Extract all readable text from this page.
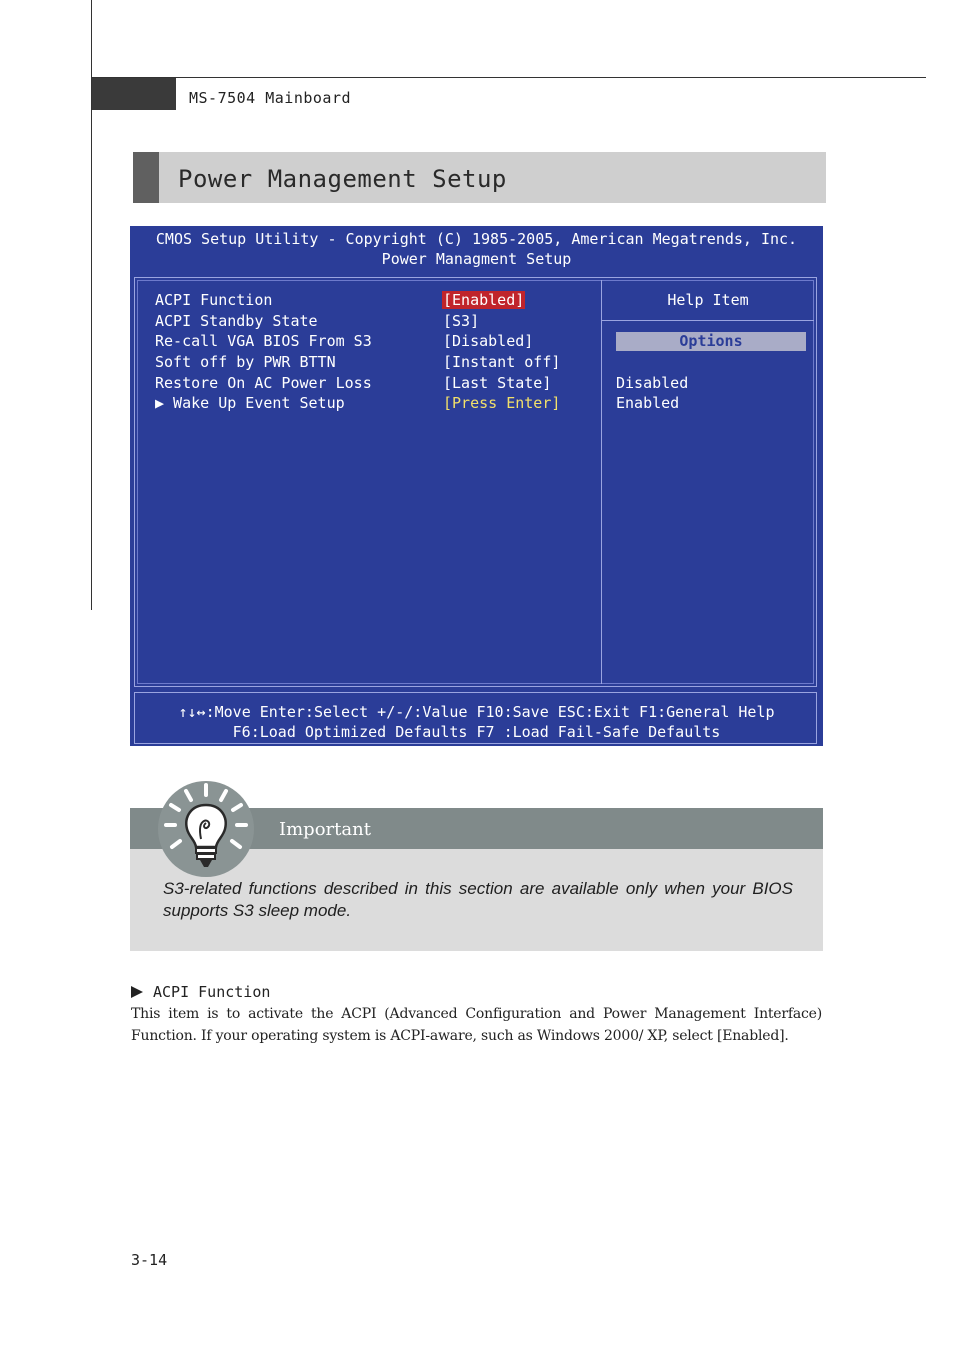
MS-7504 Mainboard
Power Management Setup
CMOS Setup Utility - Copyright (C) 1985-2005, American Megatrends, Inc.
Power Managment Setup
ACPI Function	[Enabled]
ACPI Standby State	[S3]
Re-call VGA BIOS From S3	[Disabled]
Soft off by PWR BTTN	[Instant off]
Restore On AC Power Loss	[Last State]
▶ Wake Up Event Setup	[Press Enter]
Help Item
Options
Disabled
Enabled
↑↓↔:Move Enter:Select +/-/:Value F10:Save ESC:Exit F1:General Help
F6:Load Optimized Defaults F7 :Load Fail-Safe Defaults
Important
S3-related functions described in this section are available only when your BIOS supports S3 sleep mode.
ACPI Function
This item is to activate the ACPI (Advanced Configuration and Power Management Interface) Function. If your operating system is ACPI-aware, such as Windows 2000/ XP, select [Enabled].
3-14
